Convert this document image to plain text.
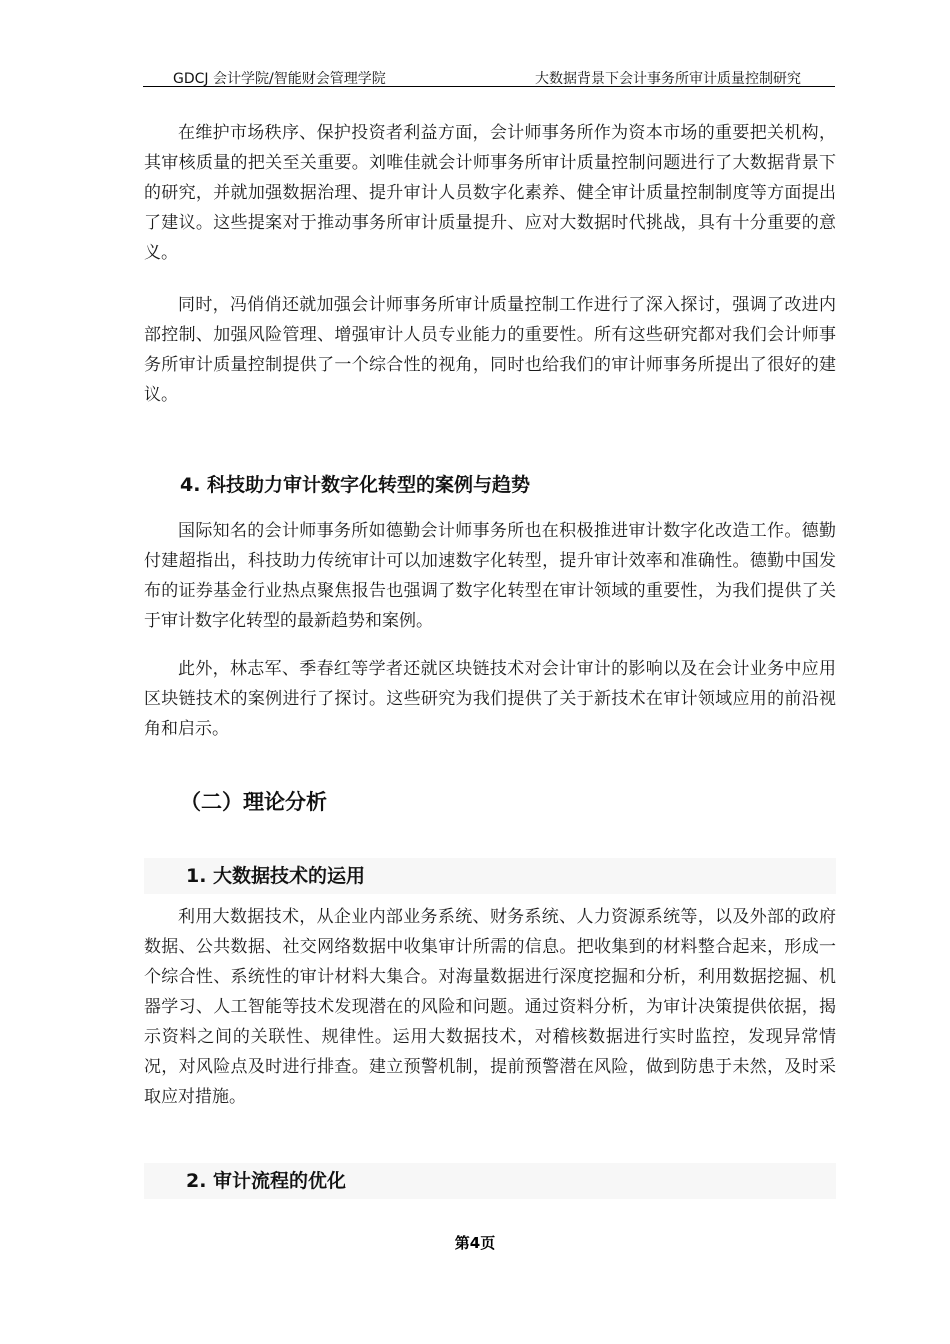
GDCJ 会计学院/智能财会管理学院	大数据背景下会计事务所审计质量控制研究

在维护市场秩序、保护投资者利益方面，会计师事务所作为资本市场的重要把关机构，其审核质量的把关至关重要。刘唯佳就会计师事务所审计质量控制问题进行了大数据背景下的研究，并就加强数据治理、提升审计人员数字化素养、健全审计质量控制制度等方面提出了建议。这些提案对于推动事务所审计质量提升、应对大数据时代挑战，具有十分重要的意义。

同时，冯俏俏还就加强会计师事务所审计质量控制工作进行了深入探讨，强调了改进内部控制、加强风险管理、增强审计人员专业能力的重要性。所有这些研究都对我们会计师事务所审计质量控制提供了一个综合性的视角，同时也给我们的审计师事务所提出了很好的建议。

4. 科技助力审计数字化转型的案例与趋势

国际知名的会计师事务所如德勤会计师事务所也在积极推进审计数字化改造工作。德勤付建超指出，科技助力传统审计可以加速数字化转型，提升审计效率和准确性。德勤中国发布的证券基金行业热点聚焦报告也强调了数字化转型在审计领域的重要性，为我们提供了关于审计数字化转型的最新趋势和案例。

此外，林志军、季春红等学者还就区块链技术对会计审计的影响以及在会计业务中应用区块链技术的案例进行了探讨。这些研究为我们提供了关于新技术在审计领域应用的前沿视角和启示。

（二）理论分析
1. 大数据技术的运用

利用大数据技术，从企业内部业务系统、财务系统、人力资源系统等，以及外部的政府数据、公共数据、社交网络数据中收集审计所需的信息。把收集到的材料整合起来，形成一个综合性、系统性的审计材料大集合。对海量数据进行深度挖掘和分析，利用数据挖掘、机器学习、人工智能等技术发现潜在的风险和问题。通过资料分析，为审计决策提供依据，揭示资料之间的关联性、规律性。运用大数据技术，对稽核数据进行实时监控，发现异常情况，对风险点及时进行排查。建立预警机制，提前预警潜在风险，做到防患于未然，及时采取应对措施。

2. 审计流程的优化
第4页
